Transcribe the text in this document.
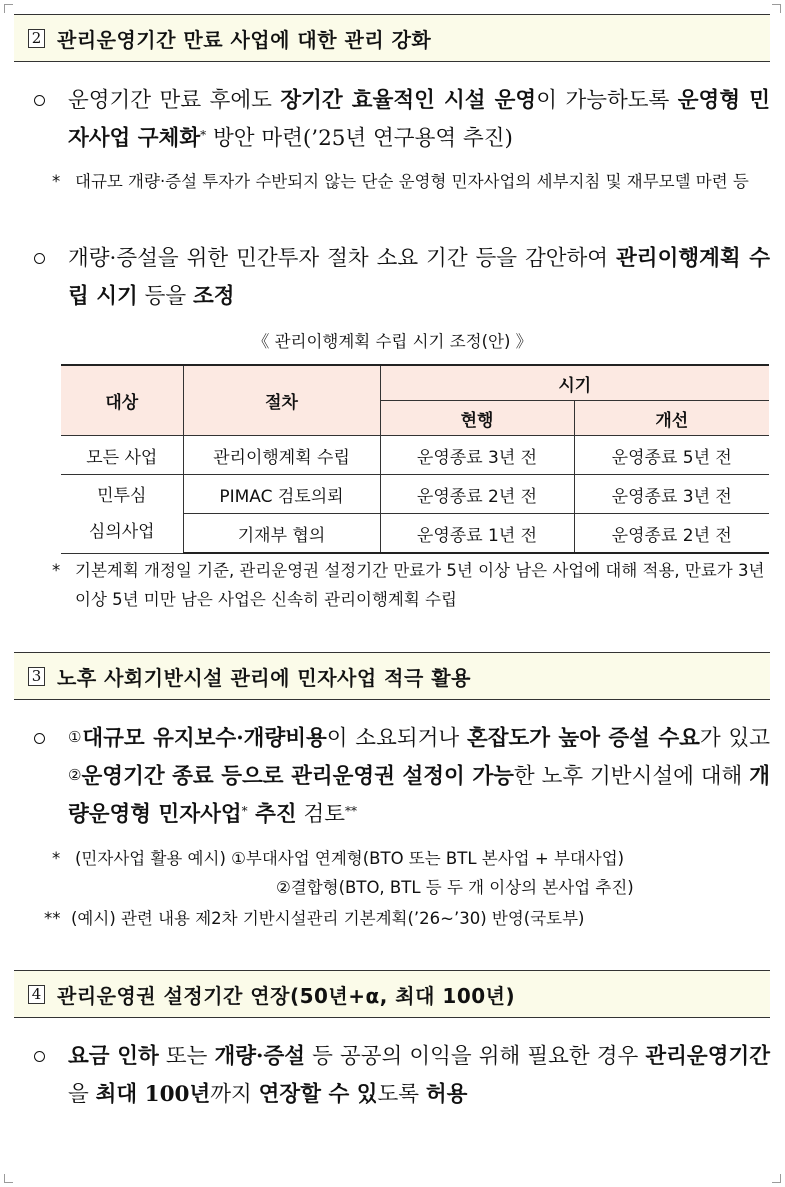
2 관리운영기간 만료 사업에 대한 관리 강화
운영기간 만료 후에도 장기간 효율적인 시설 운영이 가능하도록 운영형 민자사업 구체화* 방안 마련(’25년 연구용역 추진)
* 대규모 개량·증설 투자가 수반되지 않는 단순 운영형 민자사업의 세부지침 및 재무모델 마련 등
개량·증설을 위한 민간투자 절차 소요 기간 등을 감안하여 관리이행계획 수립 시기 등을 조정
《 관리이행계획 수립 시기 조정(안) 》
대상	절차	시기	
		현행	개선
모든 사업	관리이행계획 수립	운영종료 3년 전	운영종료 5년 전
민투심
심의사업	PIMAC 검토의뢰	운영종료 2년 전	운영종료 3년 전
	기재부 협의	운영종료 1년 전	운영종료 2년 전
* 기본계획 개정일 기준, 관리운영권 설정기간 만료가 5년 이상 남은 사업에 대해 적용, 만료가 3년 이상 5년 미만 남은 사업은 신속히 관리이행계획 수립
3 노후 사회기반시설 관리에 민자사업 적극 활용
①대규모 유지보수·개량비용이 소요되거나 혼잡도가 높아 증설 수요가 있고 ②운영기간 종료 등으로 관리운영권 설정이 가능한 노후 기반시설에 대해 개량운영형 민자사업* 추진 검토**
* (민자사업 활용 예시) ①부대사업 연계형(BTO 또는 BTL 본사업 + 부대사업)
②결합형(BTO, BTL 등 두 개 이상의 본사업 추진)
** (예시) 관련 내용 제2차 기반시설관리 기본계획(’26~’30) 반영(국토부)
4 관리운영권 설정기간 연장(50년+α, 최대 100년)
요금 인하 또는 개량·증설 등 공공의 이익을 위해 필요한 경우 관리운영기간을 최대 100년까지 연장할 수 있도록 허용
